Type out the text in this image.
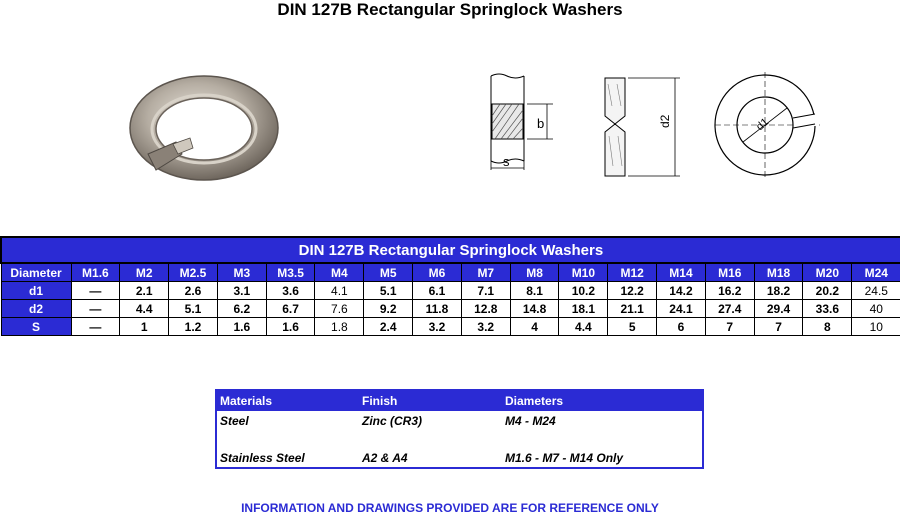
DIN 127B Rectangular Springlock Washers
b
s
d2	d1
DIN 127B Rectangular Springlock Washers																	
Diameter	M1.6	M2	M2.5	M3	M3.5	M4	M5	M6	M7	M8	M10	M12	M14	M16	M18	M20	M24
d1	—	2.1	2.6	3.1	3.6	4.1	5.1	6.1	7.1	8.1	10.2	12.2	14.2	16.2	18.2	20.2	24.5
d2	—	4.4	5.1	6.2	6.7	7.6	9.2	11.8	12.8	14.8	18.1	21.1	24.1	27.4	29.4	33.6	40
S	—	1	1.2	1.6	1.6	1.8	2.4	3.2	3.2	4	4.4	5	6	7	7	8	10
Materials	Finish	Diameters
Steel	Zinc (CR3)	M4 - M24

Stainless Steel	A2 & A4	M1.6 - M7 - M14 Only
INFORMATION AND DRAWINGS PROVIDED ARE FOR REFERENCE ONLY
